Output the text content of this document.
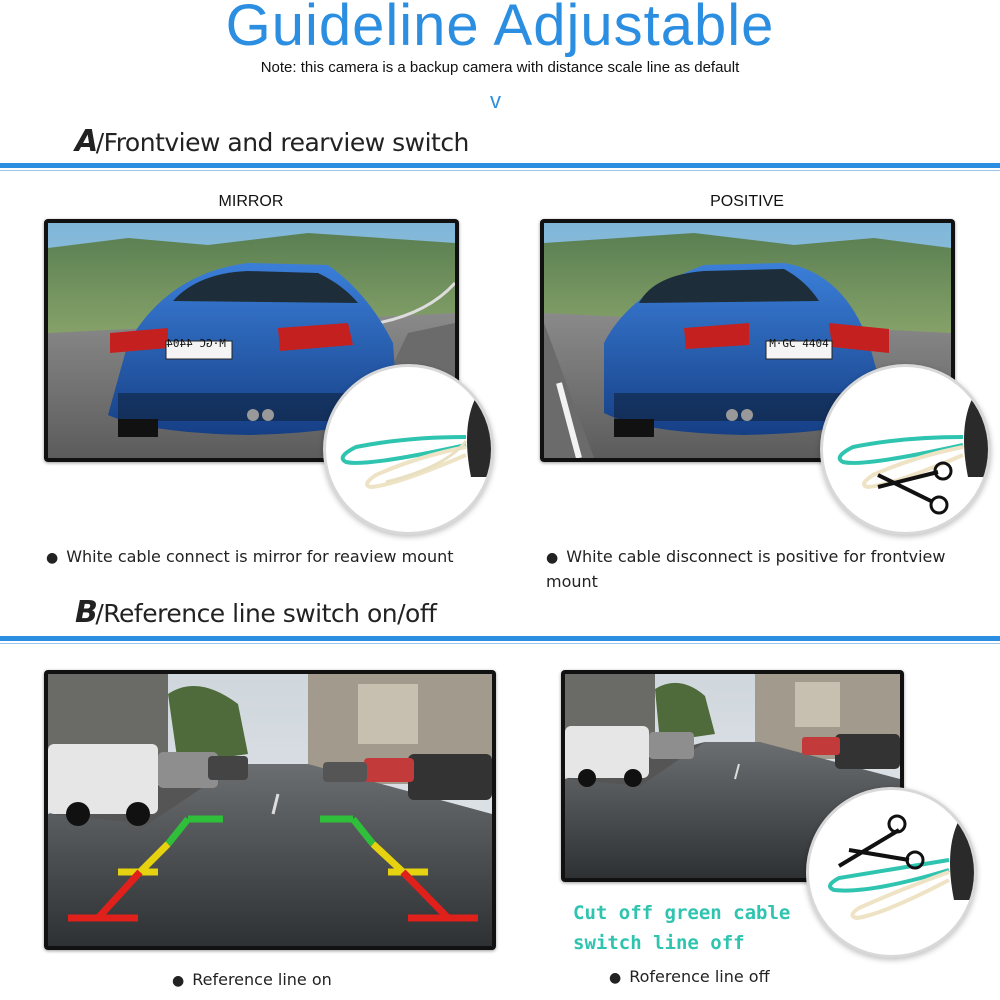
Guideline Adjustable
Note: this camera is a backup camera with distance scale line as default
v
A/Frontview and rearview switch
MIRROR
M·GC 4404
● White cable connect is mirror for reaview mount
POSITIVE
M·GC 4404
● White cable disconnect is positive for frontview mount
B/Reference line switch on/off
● Reference line on
Cut off green cable
switch line off
● Roference line off
